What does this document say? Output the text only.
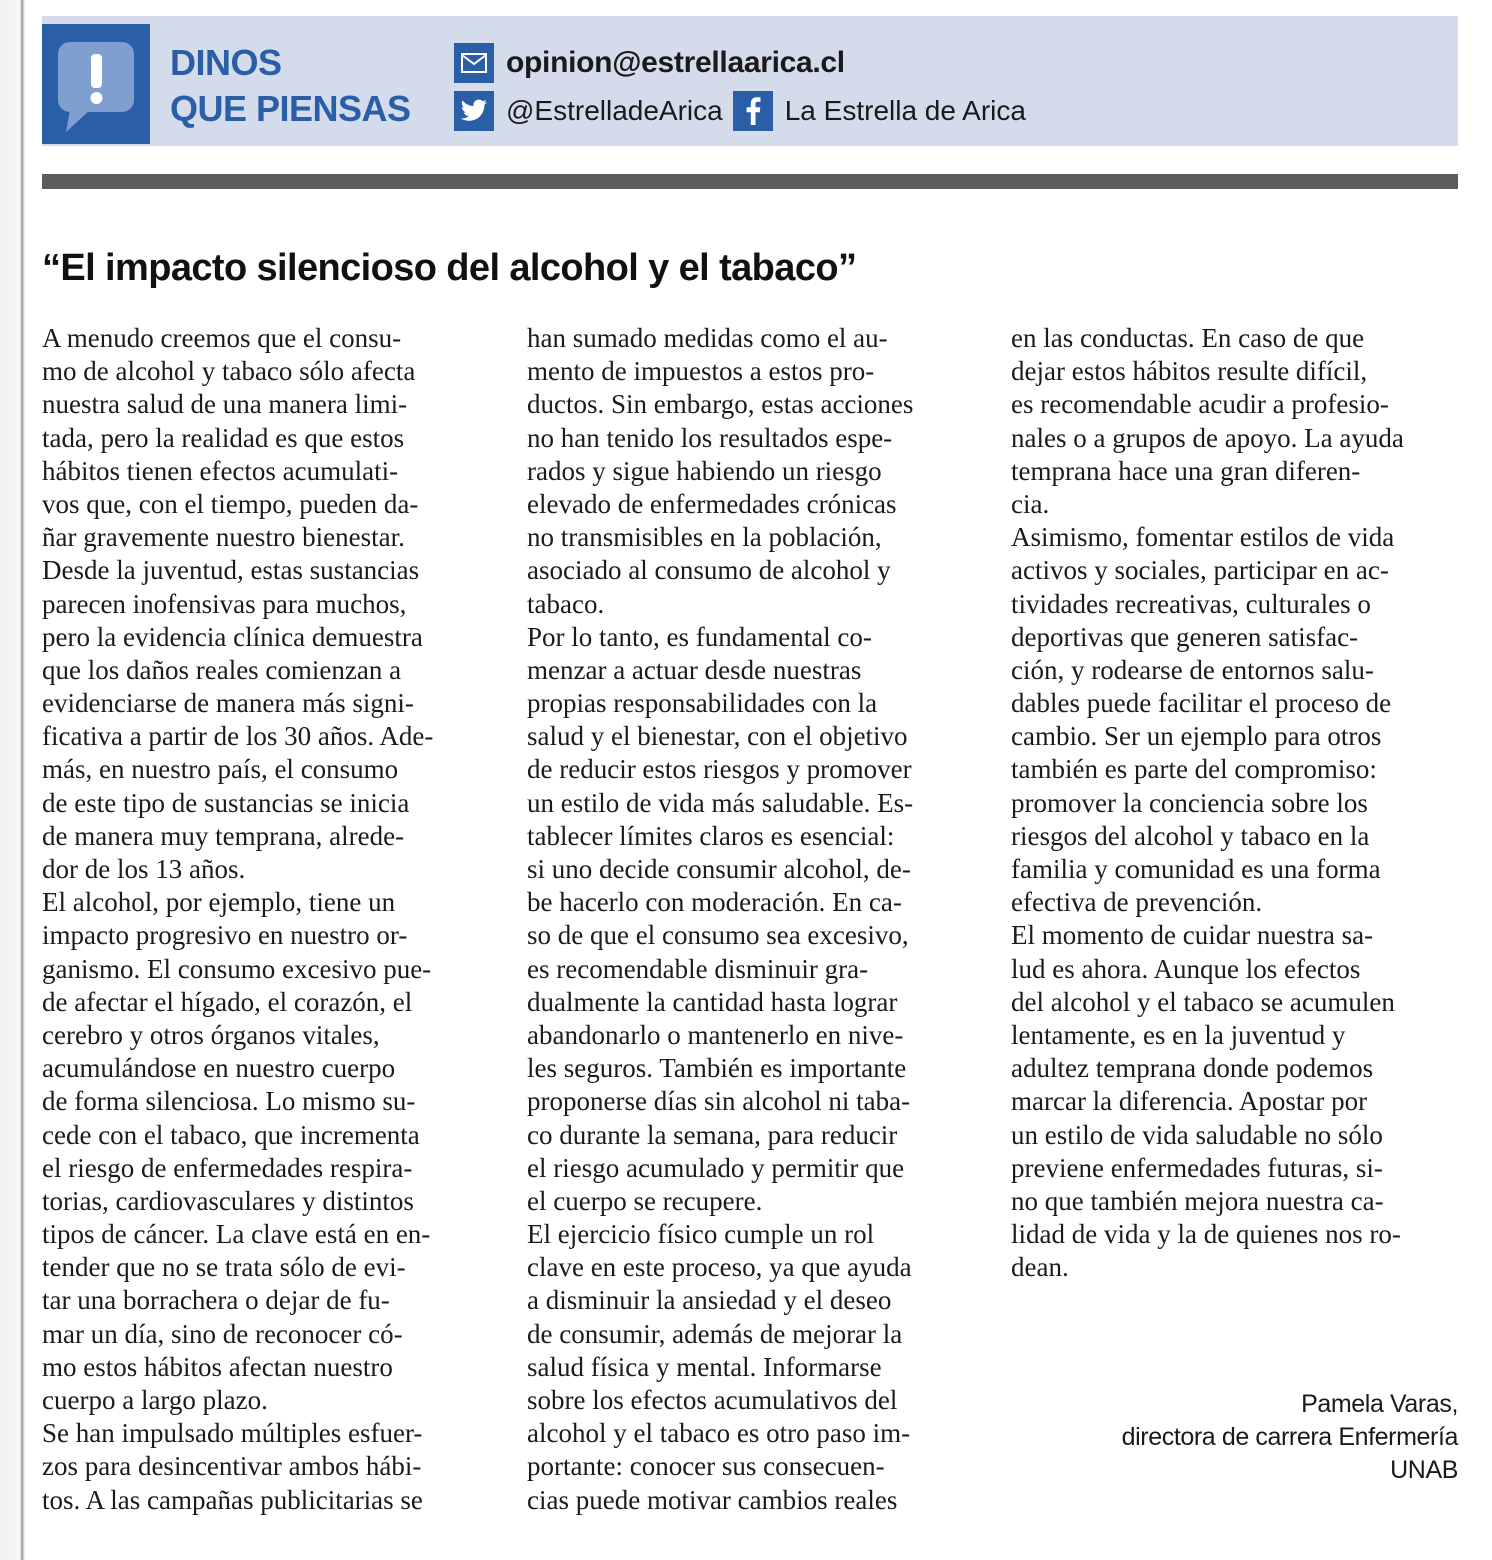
DINOS
QUE PIENSAS
opinion@estrellaarica.cl
@EstrelladeArica La Estrella de Arica
“El impacto silencioso del alcohol y el tabaco”
A menudo creemos que el consu-
mo de alcohol y tabaco sólo afecta
nuestra salud de una manera limi-
tada, pero la realidad es que estos
hábitos tienen efectos acumulati-
vos que, con el tiempo, pueden da-
ñar gravemente nuestro bienestar.
Desde la juventud, estas sustancias
parecen inofensivas para muchos,
pero la evidencia clínica demuestra
que los daños reales comienzan a
evidenciarse de manera más signi-
ficativa a partir de los 30 años. Ade-
más, en nuestro país, el consumo
de este tipo de sustancias se inicia
de manera muy temprana, alrede-
dor de los 13 años.
El alcohol, por ejemplo, tiene un
impacto progresivo en nuestro or-
ganismo. El consumo excesivo pue-
de afectar el hígado, el corazón, el
cerebro y otros órganos vitales,
acumulándose en nuestro cuerpo
de forma silenciosa. Lo mismo su-
cede con el tabaco, que incrementa
el riesgo de enfermedades respira-
torias, cardiovasculares y distintos
tipos de cáncer. La clave está en en-
tender que no se trata sólo de evi-
tar una borrachera o dejar de fu-
mar un día, sino de reconocer có-
mo estos hábitos afectan nuestro
cuerpo a largo plazo.
Se han impulsado múltiples esfuer-
zos para desincentivar ambos hábi-
tos. A las campañas publicitarias se
han sumado medidas como el au-
mento de impuestos a estos pro-
ductos. Sin embargo, estas acciones
no han tenido los resultados espe-
rados y sigue habiendo un riesgo
elevado de enfermedades crónicas
no transmisibles en la población,
asociado al consumo de alcohol y
tabaco.
Por lo tanto, es fundamental co-
menzar a actuar desde nuestras
propias responsabilidades con la
salud y el bienestar, con el objetivo
de reducir estos riesgos y promover
un estilo de vida más saludable. Es-
tablecer límites claros es esencial:
si uno decide consumir alcohol, de-
be hacerlo con moderación. En ca-
so de que el consumo sea excesivo,
es recomendable disminuir gra-
dualmente la cantidad hasta lograr
abandonarlo o mantenerlo en nive-
les seguros. También es importante
proponerse días sin alcohol ni taba-
co durante la semana, para reducir
el riesgo acumulado y permitir que
el cuerpo se recupere.
El ejercicio físico cumple un rol
clave en este proceso, ya que ayuda
a disminuir la ansiedad y el deseo
de consumir, además de mejorar la
salud física y mental. Informarse
sobre los efectos acumulativos del
alcohol y el tabaco es otro paso im-
portante: conocer sus consecuen-
cias puede motivar cambios reales
en las conductas. En caso de que
dejar estos hábitos resulte difícil,
es recomendable acudir a profesio-
nales o a grupos de apoyo. La ayuda
temprana hace una gran diferen-
cia.
Asimismo, fomentar estilos de vida
activos y sociales, participar en ac-
tividades recreativas, culturales o
deportivas que generen satisfac-
ción, y rodearse de entornos salu-
dables puede facilitar el proceso de
cambio. Ser un ejemplo para otros
también es parte del compromiso:
promover la conciencia sobre los
riesgos del alcohol y tabaco en la
familia y comunidad es una forma
efectiva de prevención.
El momento de cuidar nuestra sa-
lud es ahora. Aunque los efectos
del alcohol y el tabaco se acumulen
lentamente, es en la juventud y
adultez temprana donde podemos
marcar la diferencia. Apostar por
un estilo de vida saludable no sólo
previene enfermedades futuras, si-
no que también mejora nuestra ca-
lidad de vida y la de quienes nos ro-
dean.
Pamela Varas,
directora de carrera Enfermería
UNAB
